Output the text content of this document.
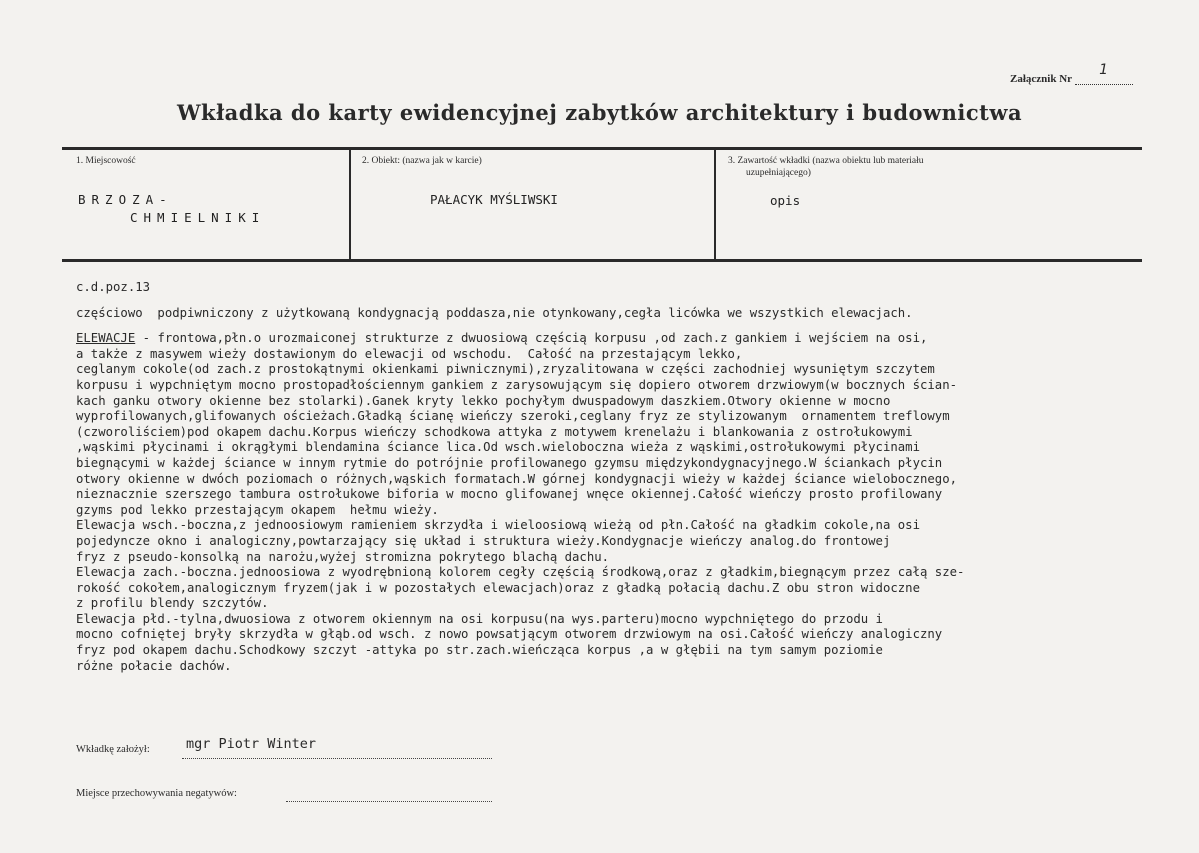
Załącznik Nr 1
Wkładka do karty ewidencyjnej zabytków architektury i budownictwa
1. Miejscowość
BRZOZA-
CHMIELNIKI
2. Obiekt: (nazwa jak w karcie)
PAŁACYK MYŚLIWSKI
3. Zawartość wkładki (nazwa obiektu lub materiału
uzupełniającego)
opis
c.d.poz.13
częściowo  podpiwniczony z użytkowaną kondygnacją poddasza,nie otynkowany,cegła licówka we wszystkich elewacjach.
ELEWACJE - frontowa,płn.o urozmaiconej strukturze z dwuosiową częścią korpusu ,od zach.z gankiem i wejściem na osi,
a także z masywem wieży dostawionym do elewacji od wschodu.  Całość na przestającym lekko,
ceglanym cokole(od zach.z prostokątnymi okienkami piwnicznymi),zryzalitowana w części zachodniej wysuniętym szczytem
korpusu i wypchniętym mocno prostopadłościennym gankiem z zarysowującym się dopiero otworem drzwiowym(w bocznych ścian-
kach ganku otwory okienne bez stolarki).Ganek kryty lekko pochyłym dwuspadowym daszkiem.Otwory okienne w mocno
wyprofilowanych,glifowanych ościeżach.Gładką ścianę wieńczy szeroki,ceglany fryz ze stylizowanym  ornamentem treflowym
(czworoliściem)pod okapem dachu.Korpus wieńczy schodkowa attyka z motywem krenelażu i blankowania z ostrołukowymi
,wąskimi płycinami i okrągłymi blendamina ściance lica.Od wsch.wieloboczna wieża z wąskimi,ostrołukowymi płycinami
biegnącymi w każdej ściance w innym rytmie do potrójnie profilowanego gzymsu międzykondygnacyjnego.W ściankach płycin
otwory okienne w dwóch poziomach o różnych,wąskich formatach.W górnej kondygnacji wieży w każdej ściance wielobocznego,
nieznacznie szerszego tambura ostrołukowe biforia w mocno glifowanej wnęce okiennej.Całość wieńczy prosto profilowany
gzyms pod lekko przestającym okapem  hełmu wieży.
Elewacja wsch.-boczna,z jednoosiowym ramieniem skrzydła i wieloosiową wieżą od płn.Całość na gładkim cokole,na osi
pojedyncze okno i analogiczny,powtarzający się układ i struktura wieży.Kondygnacje wieńczy analog.do frontowej
fryz z pseudo-konsolką na narożu,wyżej stromizna pokrytego blachą dachu.
Elewacja zach.-boczna.jednoosiowa z wyodrębnioną kolorem cegły częścią środkową,oraz z gładkim,biegnącym przez całą sze-
rokość cokołem,analogicznym fryzem(jak i w pozostałych elewacjach)oraz z gładką połacią dachu.Z obu stron widoczne
z profilu blendy szczytów.
Elewacja płd.-tylna,dwuosiowa z otworem okiennym na osi korpusu(na wys.parteru)mocno wypchniętego do przodu i
mocno cofniętej bryły skrzydła w głąb.od wsch. z nowo powsatjącym otworem drzwiowym na osi.Całość wieńczy analogiczny
fryz pod okapem dachu.Schodkowy szczyt -attyka po str.zach.wieńcząca korpus ,a w głębii na tym samym poziomie
różne połacie dachów.
Wkładkę założył:	mgr Piotr Winter
Miejsce przechowywania negatywów:
